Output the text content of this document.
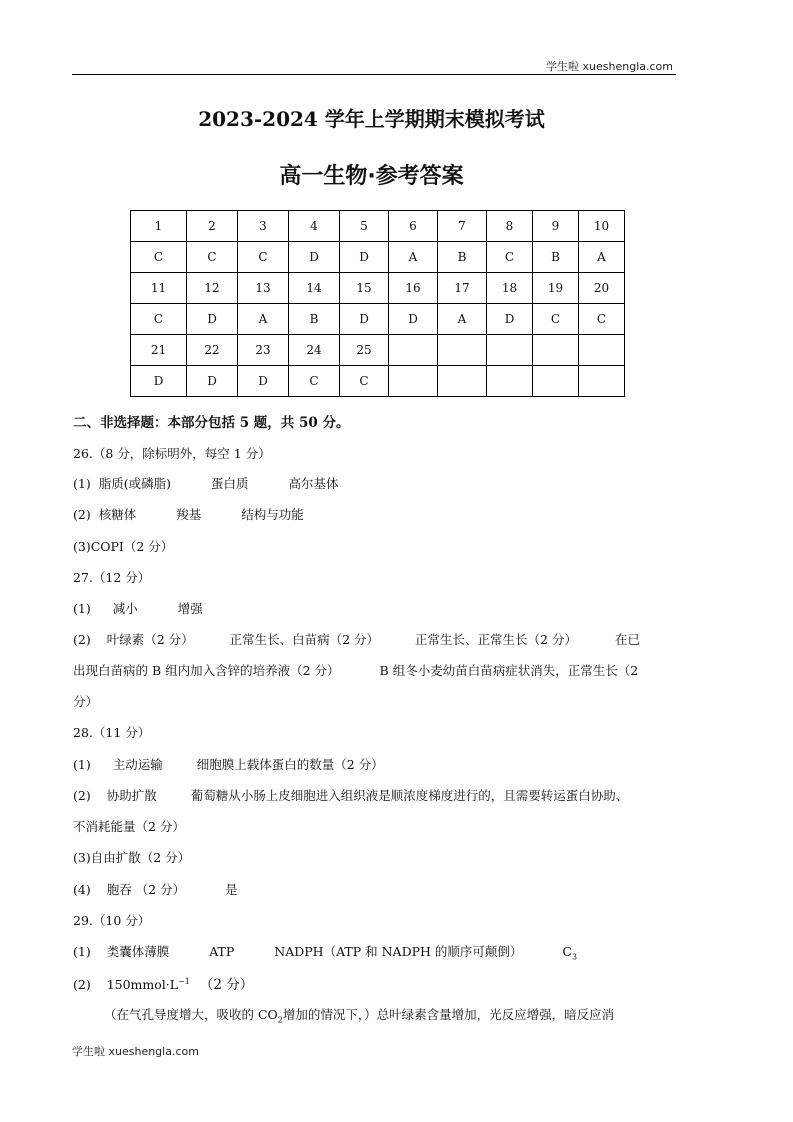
学生啦 xueshengla.com
2023-2024 学年上学期期末模拟考试
高一生物·参考答案
1	2	3	4	5	6	7	8	9	10
C	C	C	D	D	A	B	C	B	A
11	12	13	14	15	16	17	18	19	20
C	D	A	B	D	D	A	D	C	C
21	22	23	24	25					
D	D	D	C	C					
二、非选择题：本部分包括 5 题，共 50 分。
26.（8 分，除标明外，每空 1 分）
(1) 脂质(或磷脂)	蛋白质	高尔基体
(2) 核糖体	羧基	结构与功能
(3)COPI（2 分）
27.（12 分）
(1) 减小	增强
(2) 叶绿素（2 分）	正常生长、白苗病（2 分）	正常生长、正常生长（2 分）	在已
出现白苗病的 B 组内加入含锌的培养液（2 分）	B 组冬小麦幼苗白苗病症状消失，正常生长（2
分）
28.（11 分）
(1) 主动运输	细胞膜上载体蛋白的数量（2 分）
(2) 协助扩散	葡萄糖从小肠上皮细胞进入组织液是顺浓度梯度进行的，且需要转运蛋白协助、
不消耗能量（2 分）
(3)自由扩散（2 分）
(4) 胞吞 （2 分）	是
29.（10 分）
(1) 类囊体薄膜	ATP	NADPH（ATP 和 NADPH 的顺序可颠倒）	$C_3$
(2) $150mmol\cdot L^{-1}$ （2 分）
（在气孔导度增大，吸收的 $CO_2$增加的情况下，）总叶绿素含量增加，光反应增强，暗反应消
学生啦 xueshengla.com
